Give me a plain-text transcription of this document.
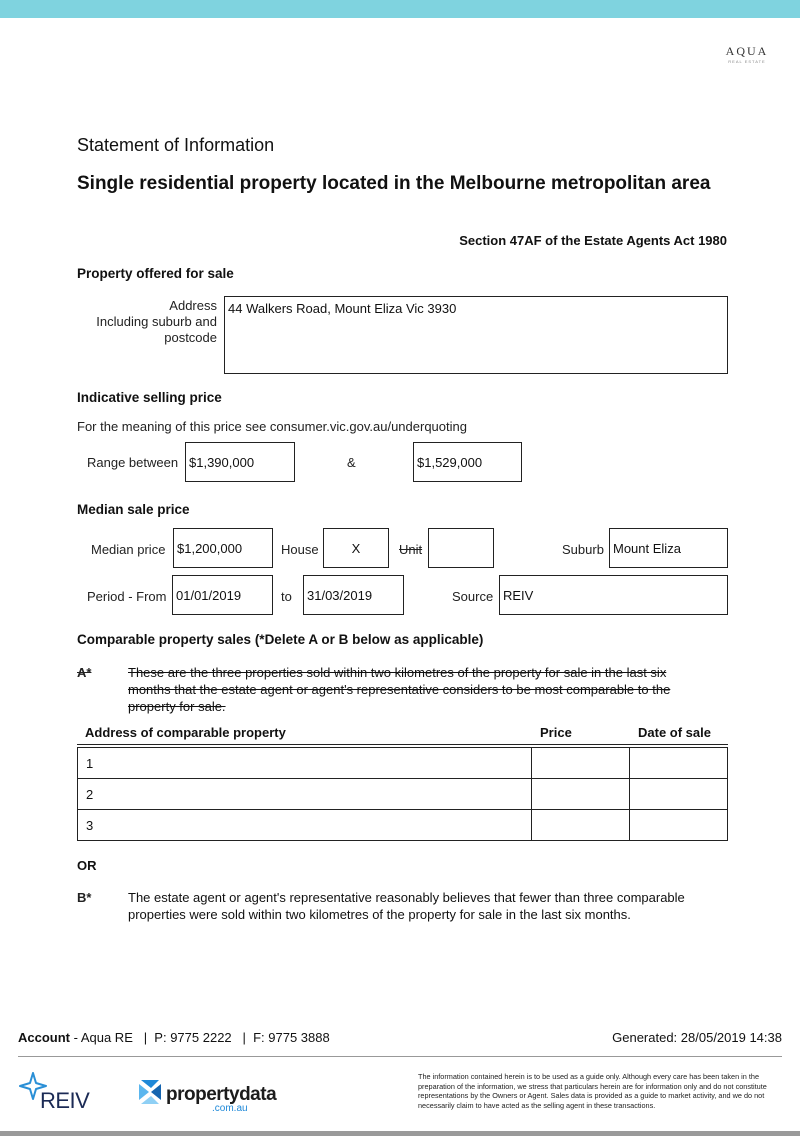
AQUA
REAL ESTATE
Statement of Information
Single residential property located in the Melbourne metropolitan area
Section 47AF of the Estate Agents Act 1980
Property offered for sale
Address
Including suburb and
postcode
44 Walkers Road, Mount Eliza Vic 3930
Indicative selling price
For the meaning of this price see consumer.vic.gov.au/underquoting
Range between $1,390,000	&	$1,529,000
Median sale price
Median price $1,200,000	House	X	Unit	Suburb Mount Eliza
Period - From 01/01/2019	to	31/03/2019	Source REIV
Comparable property sales (*Delete A or B below as applicable)
A*	These are the three properties sold within two kilometres of the property for sale in the last six
months that the estate agent or agent's representative considers to be most comparable to the
property for sale.
Address of comparable property	Price	Date of sale
1		
2		
3		
OR
B*	The estate agent or agent's representative reasonably believes that fewer than three comparable
properties were sold within two kilometres of the property for sale in the last six months.
Account - Aqua RE   |  P: 9775 2222   |  F: 9775 3888	Generated: 28/05/2019 14:38
REIV	propertydata
.com.au
The information contained herein is to be used as a guide only. Although every care has been taken in the preparation of the information, we stress that particulars herein are for information only and do not constitute representations by the Owners or Agent. Sales data is provided as a guide to market activity, and we do not necessarily claim to have acted as the selling agent in these transactions.
